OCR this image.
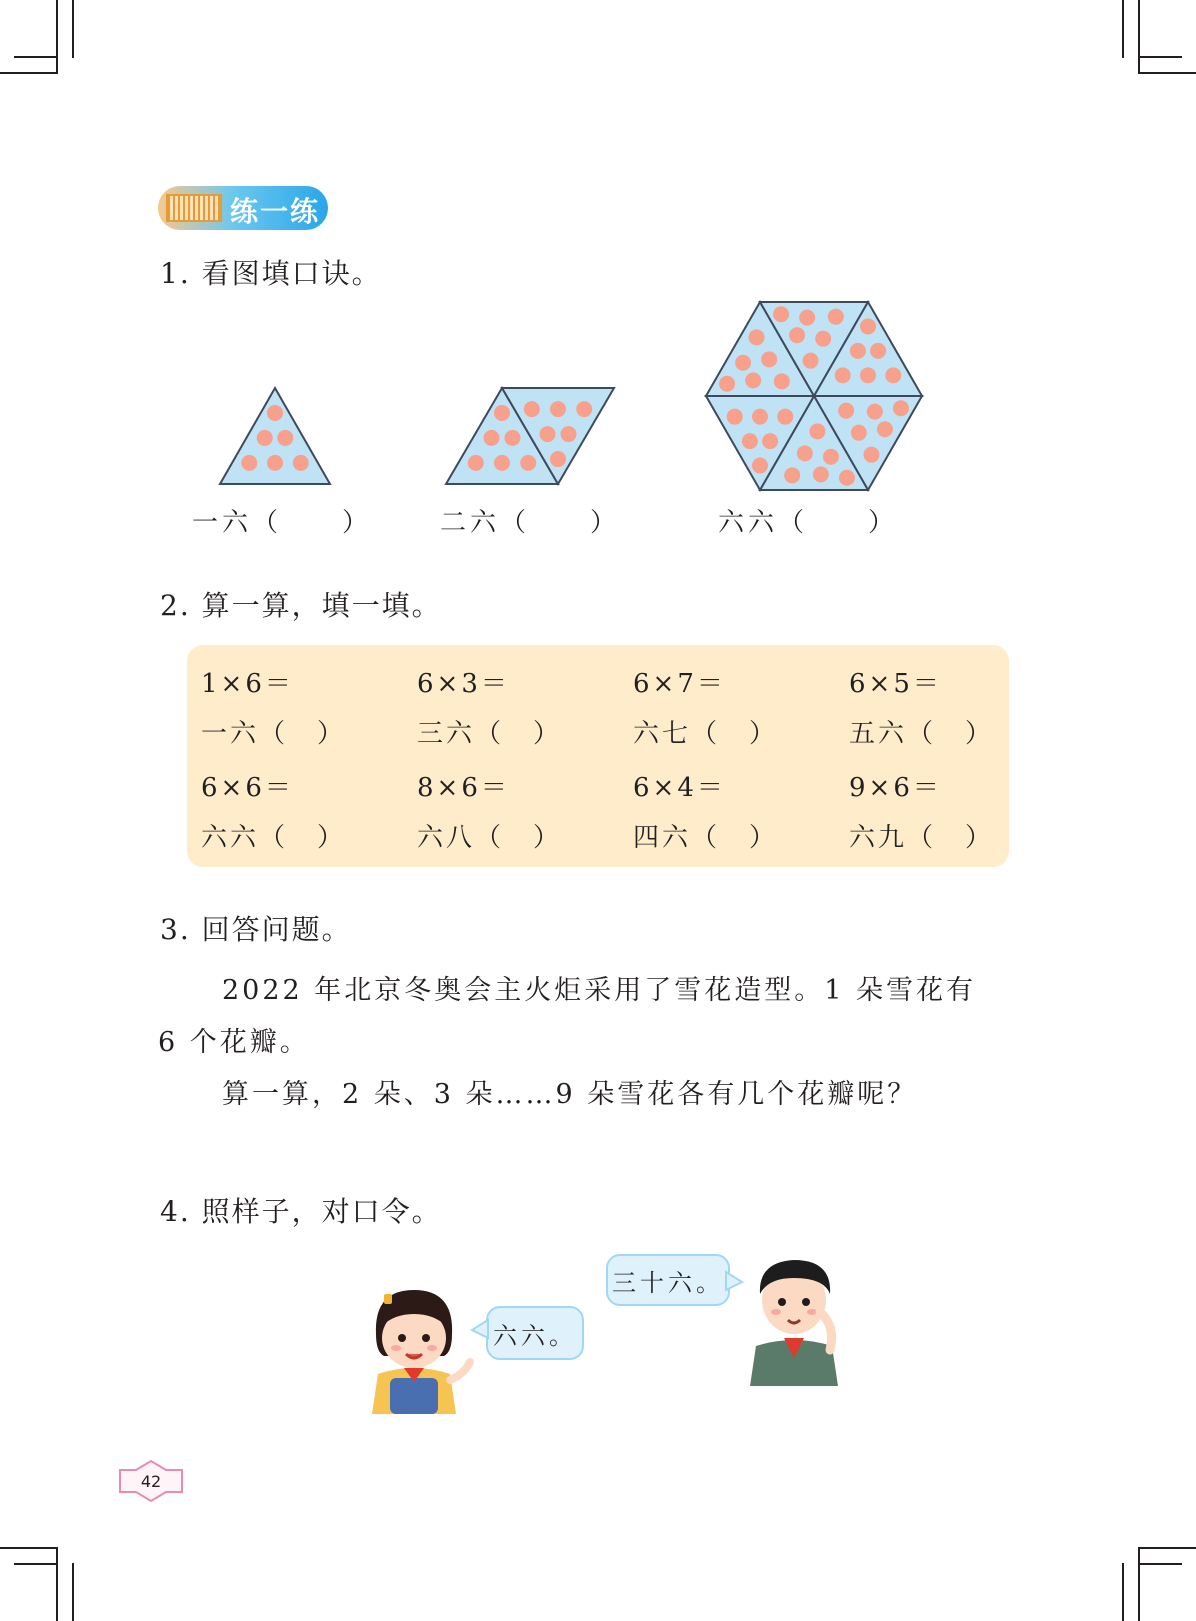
练一练
1. 看图填口诀。
一六（　　）	二六（　　）	六六（　　）
2. 算一算，填一填。
1×6＝	6×3＝	6×7＝	6×5＝
一六（　）	三六（　）	六七（　）	五六（　）
6×6＝	8×6＝	6×4＝	9×6＝
六六（　）	六八（　）	四六（　）	六九（　）
3. 回答问题。
2022 年北京冬奥会主火炬采用了雪花造型。1 朵雪花有
6 个花瓣。
算一算，2 朵、3 朵……9 朵雪花各有几个花瓣呢？
4. 照样子，对口令。
六六。
三十六。
42
